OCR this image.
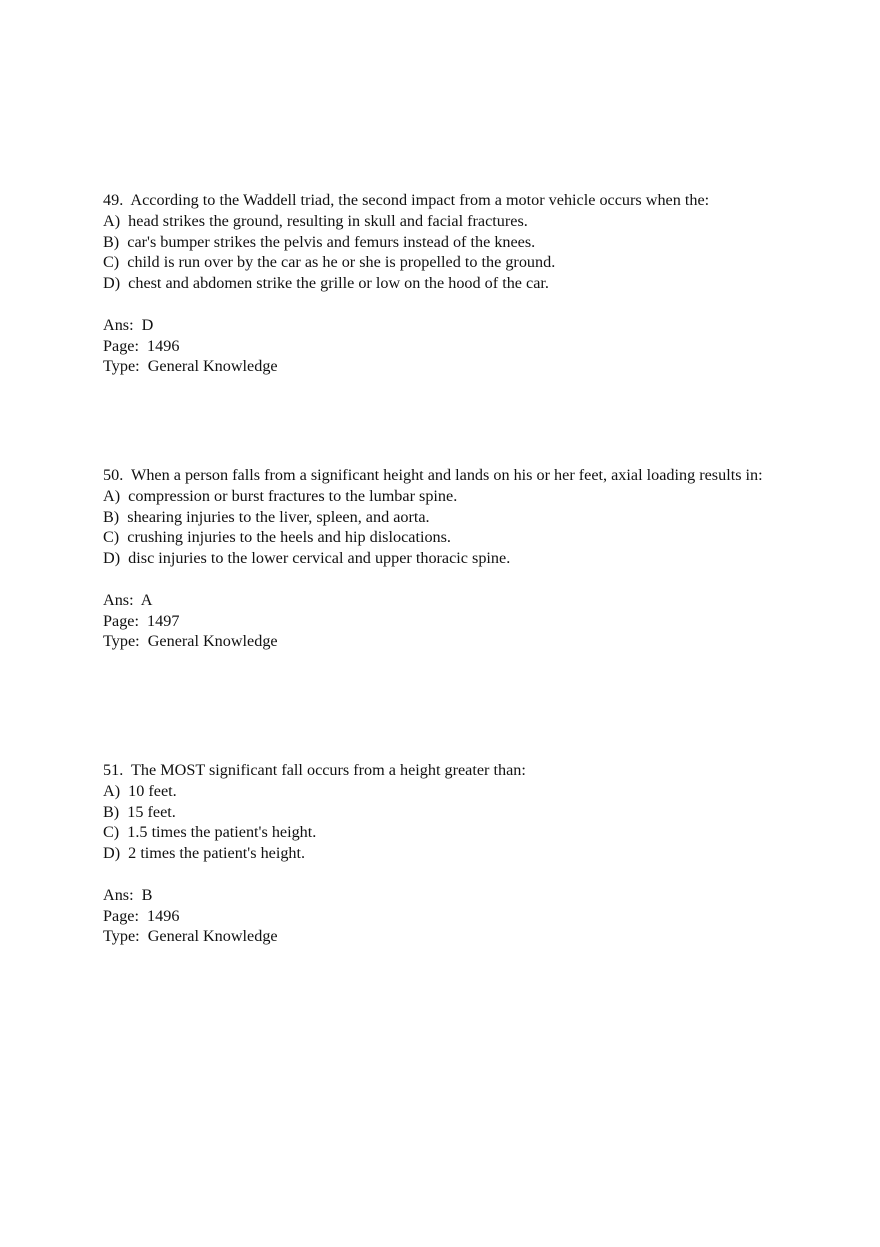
49.  According to the Waddell triad, the second impact from a motor vehicle occurs when the:

A)  head strikes the ground, resulting in skull and facial fractures.
B)  car's bumper strikes the pelvis and femurs instead of the knees.
C)  child is run over by the car as he or she is propelled to the ground.
D)  chest and abdomen strike the grille or low on the hood of the car.
Ans:  D
Page:  1496
Type:  General Knowledge

50.  When a person falls from a significant height and lands on his or her feet, axial loading results in:

A)  compression or burst fractures to the lumbar spine.
B)  shearing injuries to the liver, spleen, and aorta.
C)  crushing injuries to the heels and hip dislocations.
D)  disc injuries to the lower cervical and upper thoracic spine.
Ans:  A
Page:  1497
Type:  General Knowledge

51.  The MOST significant fall occurs from a height greater than:

A)  10 feet.
B)  15 feet.
C)  1.5 times the patient's height.
D)  2 times the patient's height.
Ans:  B
Page:  1496
Type:  General Knowledge
